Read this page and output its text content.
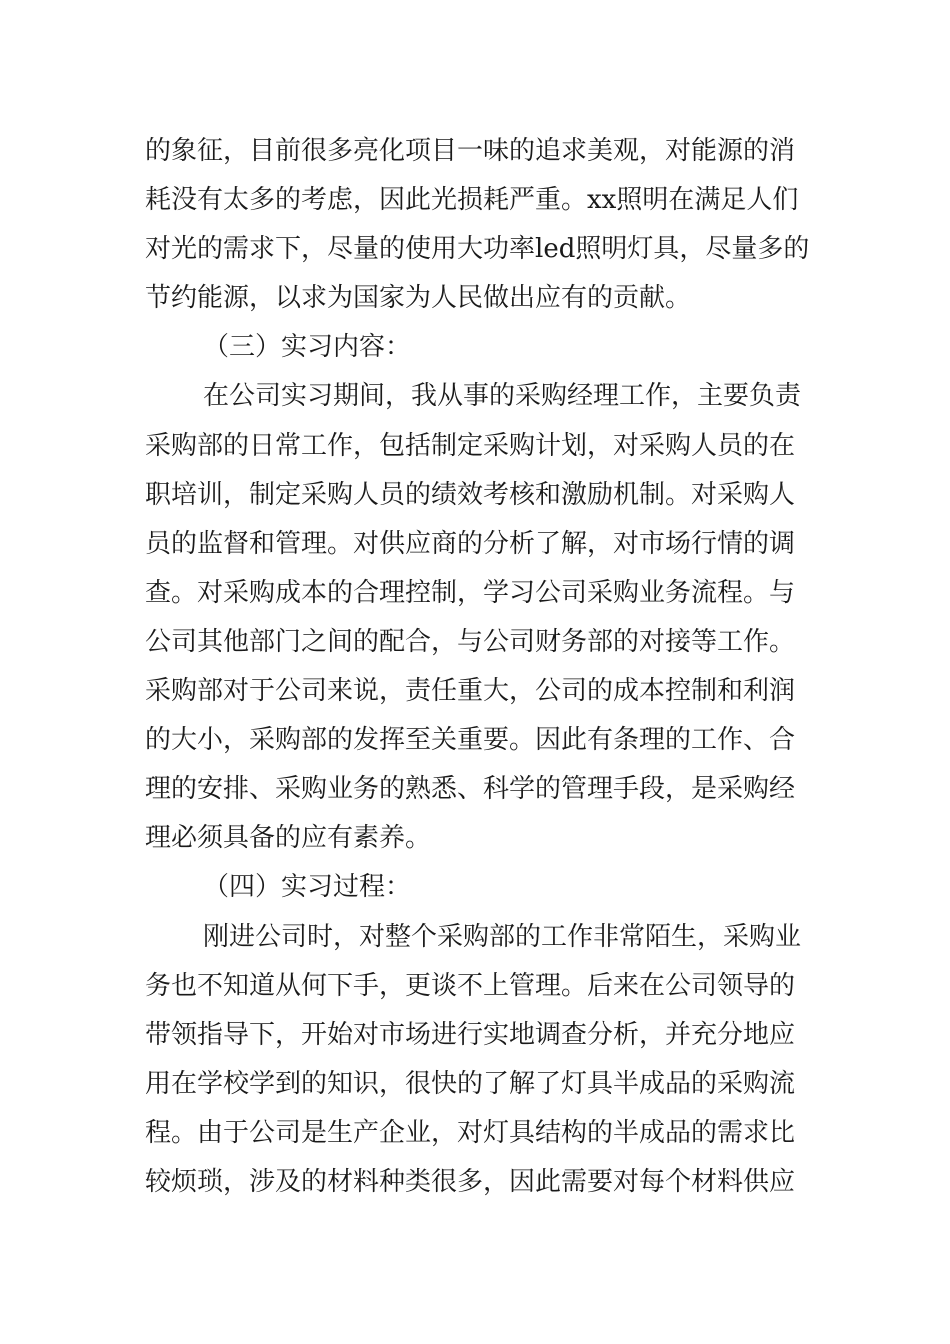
的象征，目前很多亮化项目一味的追求美观，对能源的消
耗没有太多的考虑，因此光损耗严重。xx照明在满足人们
对光的需求下，尽量的使用大功率led照明灯具，尽量多的
节约能源，以求为国家为人民做出应有的贡献。
（三）实习内容：
在公司实习期间，我从事的采购经理工作，主要负责
采购部的日常工作，包括制定采购计划，对采购人员的在
职培训，制定采购人员的绩效考核和激励机制。对采购人
员的监督和管理。对供应商的分析了解，对市场行情的调
查。对采购成本的合理控制，学习公司采购业务流程。与
公司其他部门之间的配合，与公司财务部的对接等工作。
采购部对于公司来说，责任重大，公司的成本控制和利润
的大小，采购部的发挥至关重要。因此有条理的工作、合
理的安排、采购业务的熟悉、科学的管理手段，是采购经
理必须具备的应有素养。
（四）实习过程：
刚进公司时，对整个采购部的工作非常陌生，采购业
务也不知道从何下手，更谈不上管理。后来在公司领导的
带领指导下，开始对市场进行实地调查分析，并充分地应
用在学校学到的知识，很快的了解了灯具半成品的采购流
程。由于公司是生产企业，对灯具结构的半成品的需求比
较烦琐，涉及的材料种类很多，因此需要对每个材料供应
